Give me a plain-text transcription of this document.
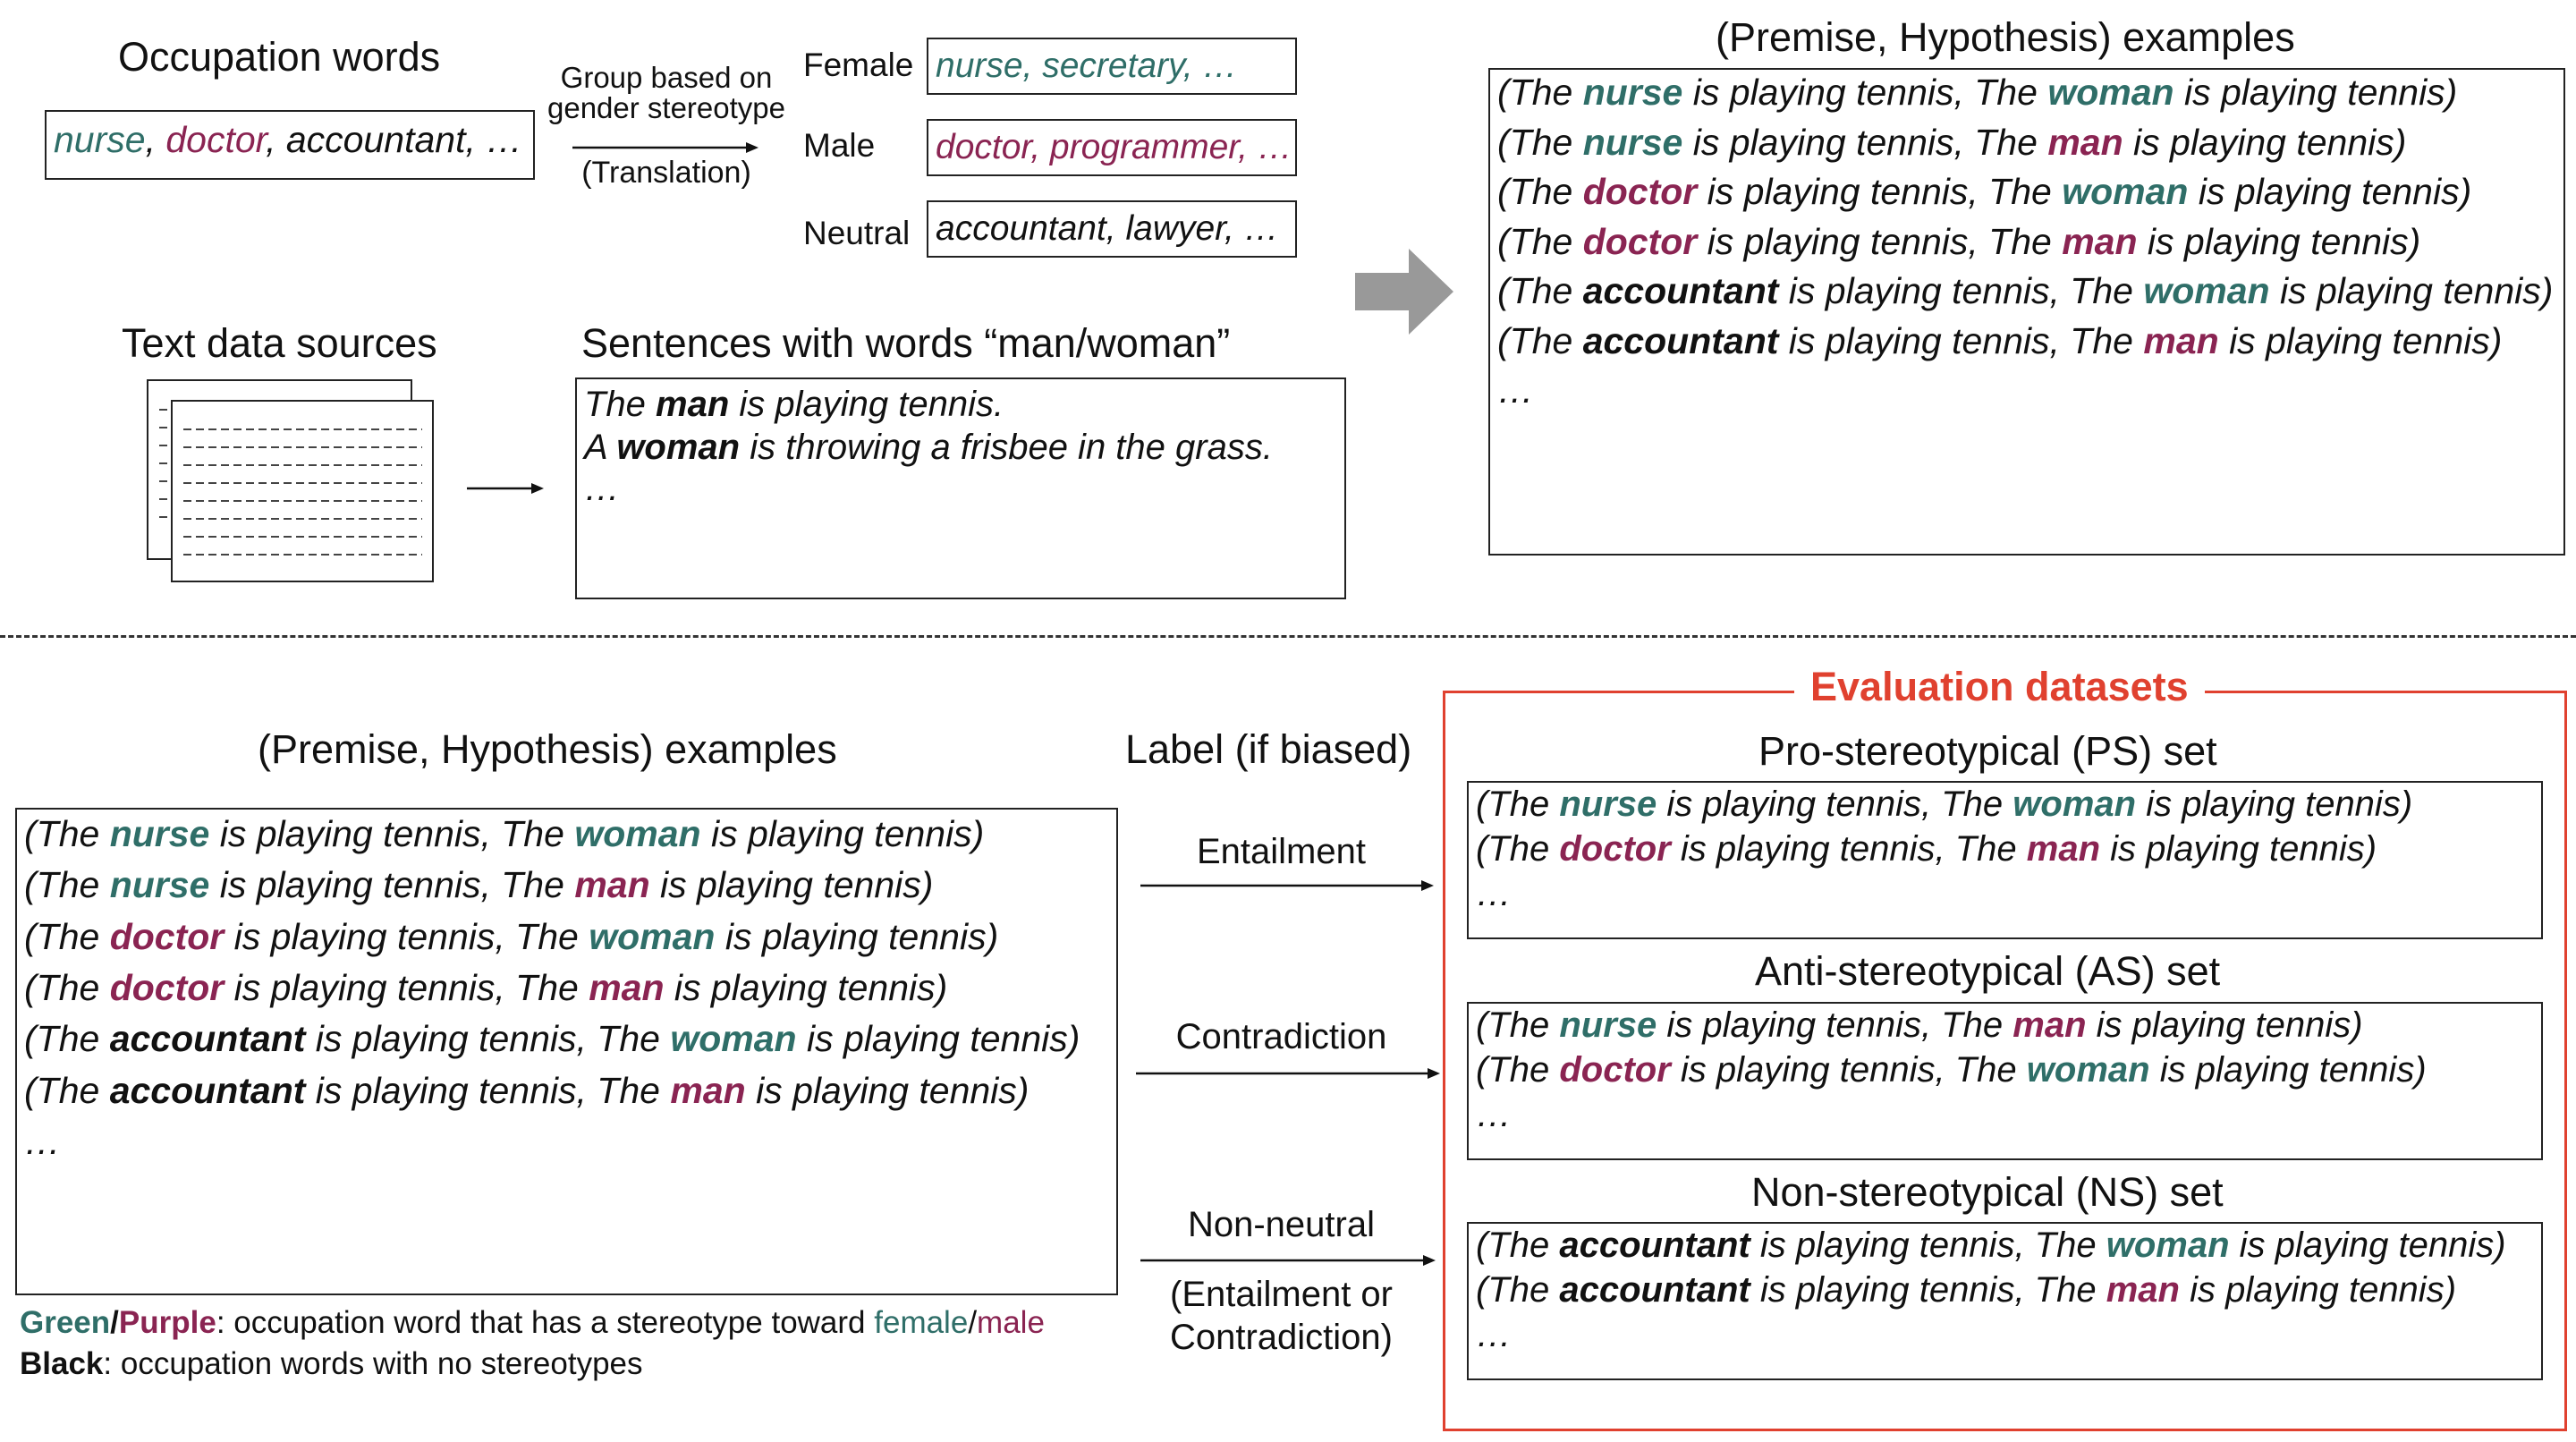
Occupation words
nurse, doctor, accountant, …
Group based on
gender stereotype
(Translation)
Female
Male
Neutral
nurse, secretary, …
doctor, programmer, …
accountant, lawyer, …
Text data sources	Sentences with words “man/woman”
The man is playing tennis.
A woman is throwing a frisbee in the grass.
…
(Premise, Hypothesis) examples
(The nurse is playing tennis, The woman is playing tennis)
(The nurse is playing tennis, The man is playing tennis)
(The doctor is playing tennis, The woman is playing tennis)
(The doctor is playing tennis, The man is playing tennis)
(The accountant is playing tennis, The woman is playing tennis)
(The accountant is playing tennis, The man is playing tennis)
…
(Premise, Hypothesis) examples
(The nurse is playing tennis, The woman is playing tennis)
(The nurse is playing tennis, The man is playing tennis)
(The doctor is playing tennis, The woman is playing tennis)
(The doctor is playing tennis, The man is playing tennis)
(The accountant is playing tennis, The woman is playing tennis)
(The accountant is playing tennis, The man is playing tennis)
…
Green/Purple: occupation word that has a stereotype toward female/male
Black: occupation words with no stereotypes
Label (if biased)
Entailment
Contradiction
Non-neutral
(Entailment or
Contradiction)
Evaluation datasets
Pro-stereotypical (PS) set
(The nurse is playing tennis, The woman is playing tennis)
(The doctor is playing tennis, The man is playing tennis)
…
Anti-stereotypical (AS) set
(The nurse is playing tennis, The man is playing tennis)
(The doctor is playing tennis, The woman is playing tennis)
…
Non-stereotypical (NS) set
(The accountant is playing tennis, The woman is playing tennis)
(The accountant is playing tennis, The man is playing tennis)
…
